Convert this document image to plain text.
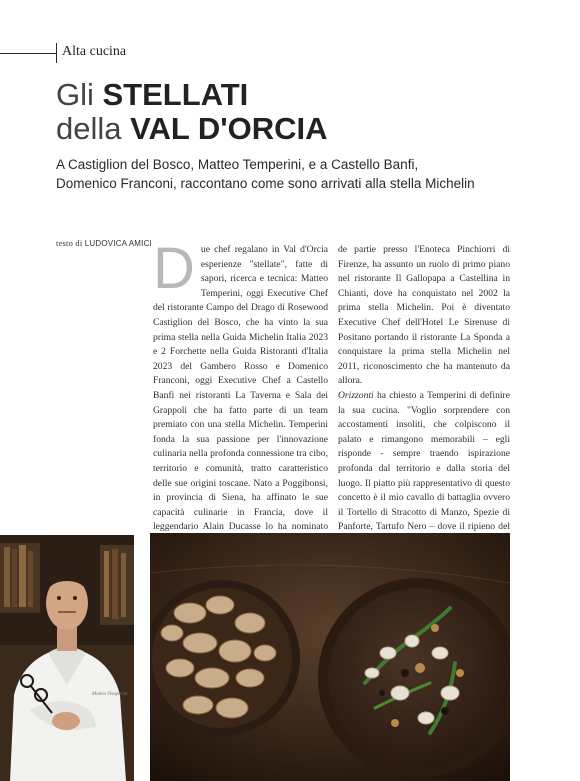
Alta cucina
Gli STELLATI
della VAL D'ORCIA
A Castiglion del Bosco, Matteo Temperini, e a Castello Banfi, Domenico Franconi, raccontano come sono arrivati alla stella Michelin
testo di LUDOVICA AMICI D ue chef regalano in Val d'Orcia esperienze "stellate", fatte di sapori, ricerca e tecnica: Matteo Temperini, oggi Executive Chef del ristorante Campo del Drago di Rosewood Castiglion del Bosco, che ha vinto la sua prima stella nella Guida Michelin Italia 2023 e 2 Forchette nella Guida Ristoranti d'Italia 2023 del Gambero Rosso e Domenico Franconi, oggi Executive Chef a Castello Banfi nei ristoranti La Taverna e Sala dei Grappoli che ha fatto parte di un team premiato con una stella Michelin. Temperini fonda la sua passione per l'innovazione culinaria nella profonda connessione tra cibo, territorio e comunità, tratto caratteristico delle sue origini toscane. Nato a Poggibonsi, in provincia di Siena, ha affinato le sue capacità culinarie in Francia, dove il leggendario Alain Ducasse lo ha nominato

de partie presso l'Enoteca Pinchiorri di Firenze, ha assunto un ruolo di primo piano nel ristorante Il Gallopapa a Castellina in Chianti, dove ha conquistato nel 2002 la prima stella Michelin. Poi è diventato Executive Chef dell'Hotel Le Sirenuse di Positano portando il ristorante La Sponda a conquistare la prima stella Michelin nel 2011, riconoscimento che ha mantenuto da allora.

Orizzonti ha chiesto a Temperini di definire la sua cucina. "Voglio sorprendere con accostamenti insoliti, che colpiscono il palato e rimangono memorabili – egli risponde - sempre traendo ispirazione profonda dal territorio e dalla storia del luogo. Il piatto più rappresentativo di questo concetto è il mio cavallo di battaglia ovvero il Tortello di Stracotto di Manzo, Spezie di Panforte, Tartufo Nero – dove il ripieno del

Matteo Temperini
